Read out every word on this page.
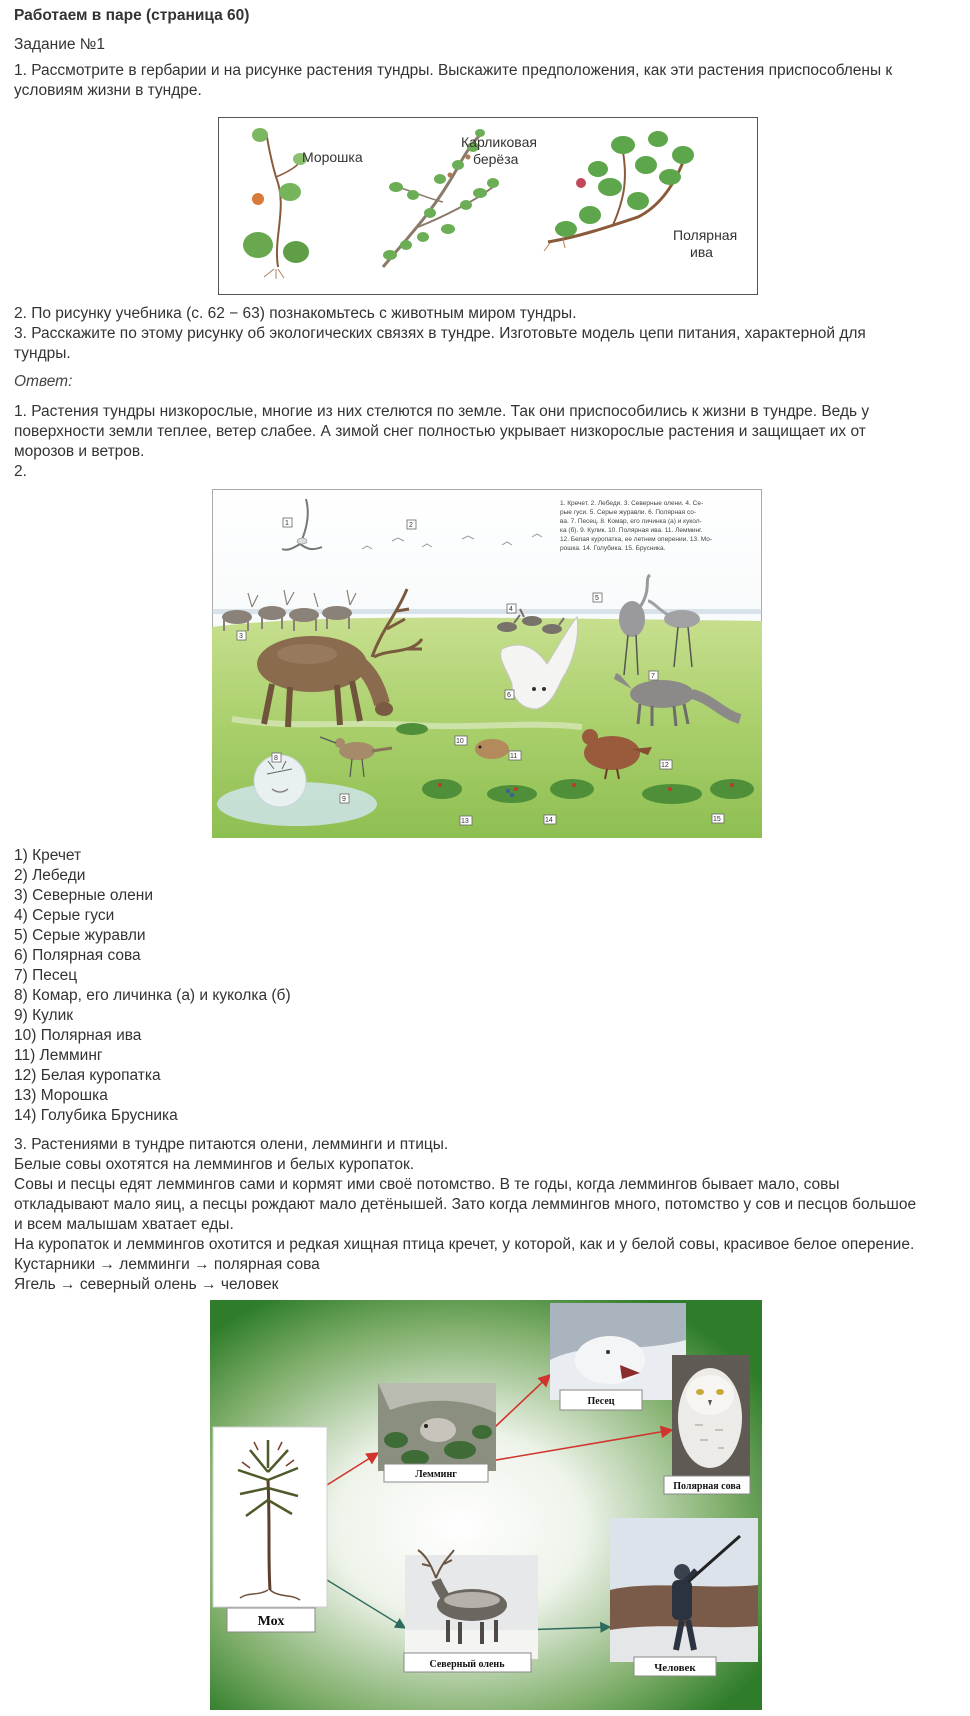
Работаем в паре (страница 60)
Задание №1
1. Рассмотрите в гербарии и на рисунке растения тундры. Выскажите предположения, как эти растения приспособлены к
условиям жизни в тундре.
Морошка
Карликовая
берёза
Полярная
ива
2. По рисунку учебника (с. 62 − 63) познакомьтесь с животным миром тундры.
3. Расскажите по этому рисунку об экологических связях в тундре. Изготовьте модель цепи питания, характерной для
тундры.
Ответ:
1. Растения тундры низкорослые, многие из них стелются по земле. Так они приспособились к жизни в тундре. Ведь у
поверхности земли теплее, ветер слабее. А зимой снег полностью укрывает низкорослые растения и защищает их от
морозов и ветров.
2.
1. Кречет. 2. Лебеди. 3. Северные олени. 4. Се-
рые гуси. 5. Серые журавли. 6. Полярная со-
ва. 7. Песец. 8. Комар, его личинка (а) и кукол-
ка (б). 9. Кулик. 10. Полярная ива. 11. Лемминг.
12. Белая куропатка, ее летнем оперении. 13. Мо-
рошка. 14. Голубика. 15. Брусника.
1	2
3
4
5
6
7
8
9
10
11
12
13	14	15
1) Кречет
2) Лебеди
3) Северные олени
4) Серые гуси
5) Серые журавли
6) Полярная сова
7) Песец
8) Комар, его личинка (а) и куколка (б)
9) Кулик
10) Полярная ива
11) Лемминг
12) Белая куропатка
13) Морошка
14) Голубика Брусника
3. Растениями в тундре питаются олени, лемминги и птицы.
Белые совы охотятся на леммингов и белых куропаток.
Совы и песцы едят леммингов сами и кормят ими своё потомство. В те годы, когда леммингов бывает мало, совы
откладывают мало яиц, а песцы рождают мало детёнышей. Зато когда леммингов много, потомство у сов и песцов большое
и всем малышам хватает еды.
На куропаток и леммингов охотится и редкая хищная птица кречет, у которой, как и у белой совы, красивое белое оперение.
Кустарники → лемминги → полярная сова
Ягель → северный олень → человек
Мох
Лемминг
Песец
Полярная сова
Северный олень	Человек
